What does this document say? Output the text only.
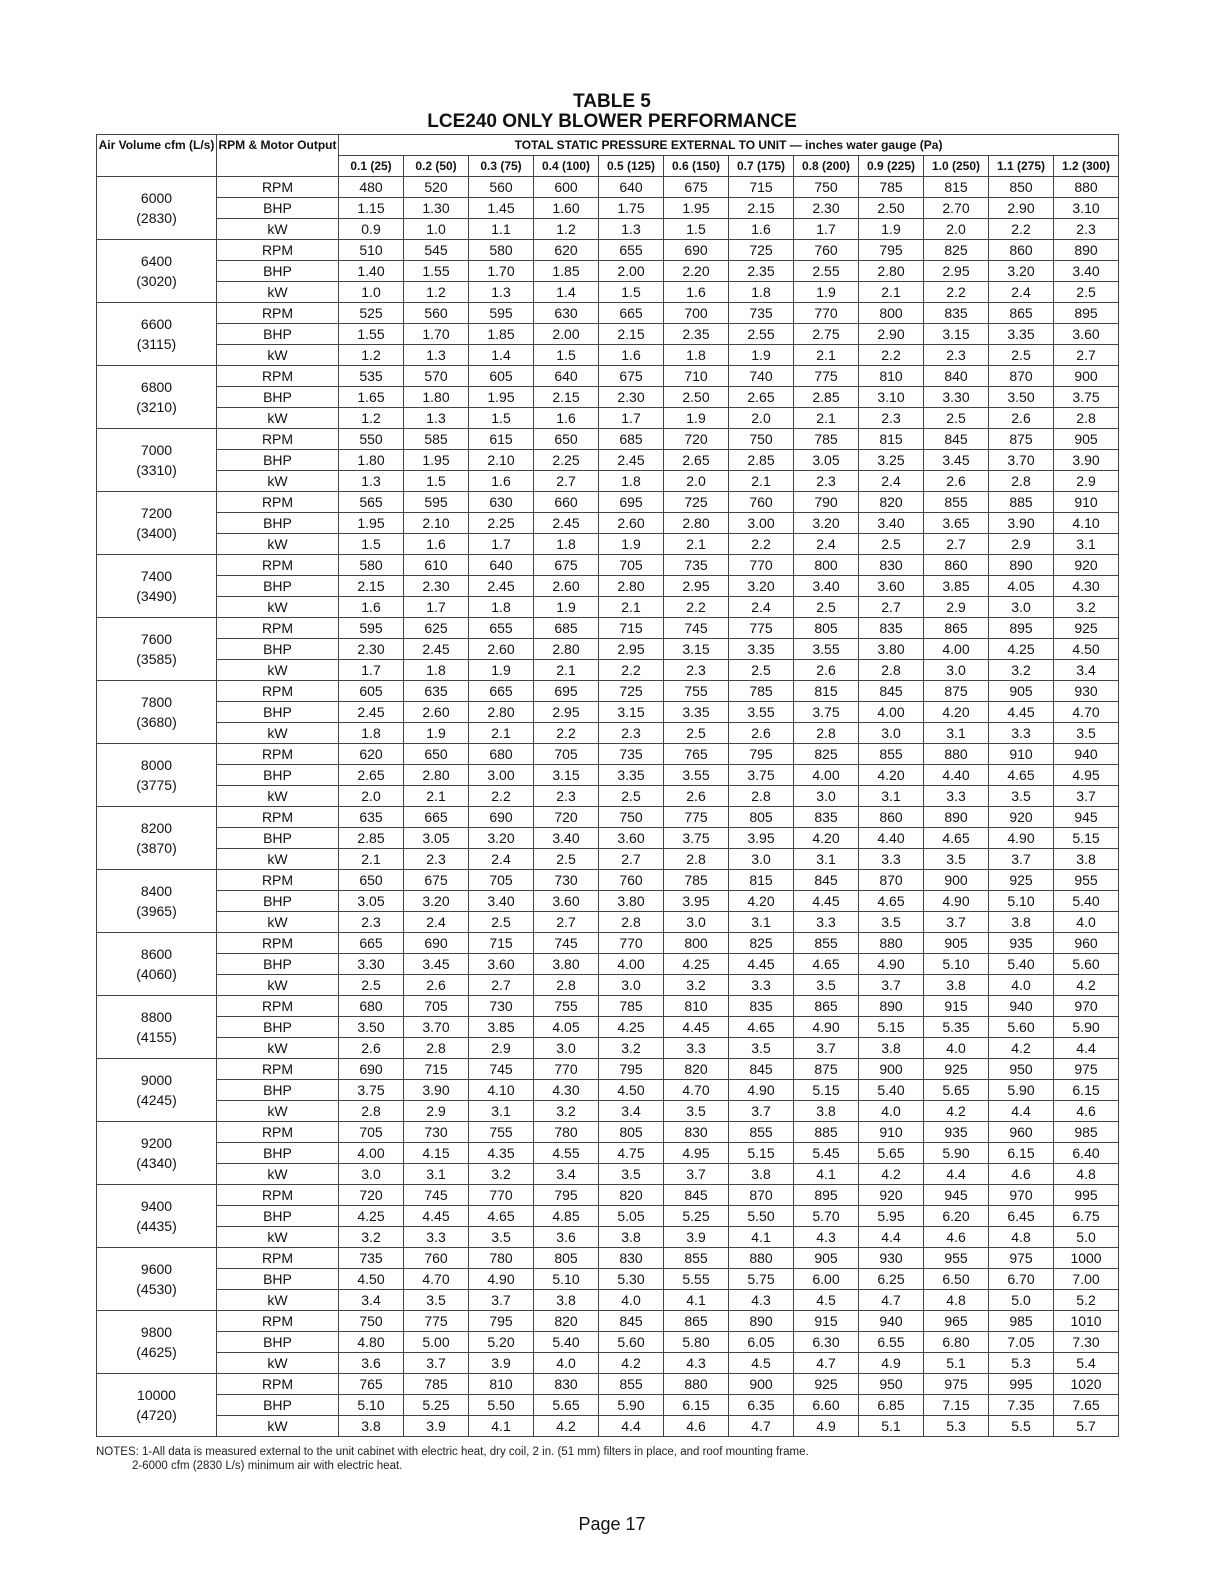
TABLE 5
LCE240 ONLY BLOWER PERFORMANCE
Air Volume cfm (L/s)	RPM & Motor Output	TOTAL STATIC PRESSURE EXTERNAL TO UNIT — inches water gauge (Pa)											
		0.1 (25)	0.2 (50)	0.3 (75)	0.4 (100)	0.5 (125)	0.6 (150)	0.7 (175)	0.8 (200)	0.9 (225)	1.0 (250)	1.1 (275)	1.2 (300)

6000
(2830)	RPM	480	520	560	600	640	675	715	750	785	815	850	880
	BHP	1.15	1.30	1.45	1.60	1.75	1.95	2.15	2.30	2.50	2.70	2.90	3.10
	kW	0.9	1.0	1.1	1.2	1.3	1.5	1.6	1.7	1.9	2.0	2.2	2.3

6400
(3020)	RPM	510	545	580	620	655	690	725	760	795	825	860	890
	BHP	1.40	1.55	1.70	1.85	2.00	2.20	2.35	2.55	2.80	2.95	3.20	3.40
	kW	1.0	1.2	1.3	1.4	1.5	1.6	1.8	1.9	2.1	2.2	2.4	2.5

6600
(3115)	RPM	525	560	595	630	665	700	735	770	800	835	865	895
	BHP	1.55	1.70	1.85	2.00	2.15	2.35	2.55	2.75	2.90	3.15	3.35	3.60
	kW	1.2	1.3	1.4	1.5	1.6	1.8	1.9	2.1	2.2	2.3	2.5	2.7

6800
(3210)	RPM	535	570	605	640	675	710	740	775	810	840	870	900
	BHP	1.65	1.80	1.95	2.15	2.30	2.50	2.65	2.85	3.10	3.30	3.50	3.75
	kW	1.2	1.3	1.5	1.6	1.7	1.9	2.0	2.1	2.3	2.5	2.6	2.8

7000
(3310)	RPM	550	585	615	650	685	720	750	785	815	845	875	905
	BHP	1.80	1.95	2.10	2.25	2.45	2.65	2.85	3.05	3.25	3.45	3.70	3.90
	kW	1.3	1.5	1.6	2.7	1.8	2.0	2.1	2.3	2.4	2.6	2.8	2.9

7200
(3400)	RPM	565	595	630	660	695	725	760	790	820	855	885	910
	BHP	1.95	2.10	2.25	2.45	2.60	2.80	3.00	3.20	3.40	3.65	3.90	4.10
	kW	1.5	1.6	1.7	1.8	1.9	2.1	2.2	2.4	2.5	2.7	2.9	3.1

7400
(3490)	RPM	580	610	640	675	705	735	770	800	830	860	890	920
	BHP	2.15	2.30	2.45	2.60	2.80	2.95	3.20	3.40	3.60	3.85	4.05	4.30
	kW	1.6	1.7	1.8	1.9	2.1	2.2	2.4	2.5	2.7	2.9	3.0	3.2

7600
(3585)	RPM	595	625	655	685	715	745	775	805	835	865	895	925
	BHP	2.30	2.45	2.60	2.80	2.95	3.15	3.35	3.55	3.80	4.00	4.25	4.50
	kW	1.7	1.8	1.9	2.1	2.2	2.3	2.5	2.6	2.8	3.0	3.2	3.4

7800
(3680)	RPM	605	635	665	695	725	755	785	815	845	875	905	930
	BHP	2.45	2.60	2.80	2.95	3.15	3.35	3.55	3.75	4.00	4.20	4.45	4.70
	kW	1.8	1.9	2.1	2.2	2.3	2.5	2.6	2.8	3.0	3.1	3.3	3.5

8000
(3775)	RPM	620	650	680	705	735	765	795	825	855	880	910	940
	BHP	2.65	2.80	3.00	3.15	3.35	3.55	3.75	4.00	4.20	4.40	4.65	4.95
	kW	2.0	2.1	2.2	2.3	2.5	2.6	2.8	3.0	3.1	3.3	3.5	3.7

8200
(3870)	RPM	635	665	690	720	750	775	805	835	860	890	920	945
	BHP	2.85	3.05	3.20	3.40	3.60	3.75	3.95	4.20	4.40	4.65	4.90	5.15
	kW	2.1	2.3	2.4	2.5	2.7	2.8	3.0	3.1	3.3	3.5	3.7	3.8

8400
(3965)	RPM	650	675	705	730	760	785	815	845	870	900	925	955
	BHP	3.05	3.20	3.40	3.60	3.80	3.95	4.20	4.45	4.65	4.90	5.10	5.40
	kW	2.3	2.4	2.5	2.7	2.8	3.0	3.1	3.3	3.5	3.7	3.8	4.0

8600
(4060)	RPM	665	690	715	745	770	800	825	855	880	905	935	960
	BHP	3.30	3.45	3.60	3.80	4.00	4.25	4.45	4.65	4.90	5.10	5.40	5.60
	kW	2.5	2.6	2.7	2.8	3.0	3.2	3.3	3.5	3.7	3.8	4.0	4.2

8800
(4155)	RPM	680	705	730	755	785	810	835	865	890	915	940	970
	BHP	3.50	3.70	3.85	4.05	4.25	4.45	4.65	4.90	5.15	5.35	5.60	5.90
	kW	2.6	2.8	2.9	3.0	3.2	3.3	3.5	3.7	3.8	4.0	4.2	4.4

9000
(4245)	RPM	690	715	745	770	795	820	845	875	900	925	950	975
	BHP	3.75	3.90	4.10	4.30	4.50	4.70	4.90	5.15	5.40	5.65	5.90	6.15
	kW	2.8	2.9	3.1	3.2	3.4	3.5	3.7	3.8	4.0	4.2	4.4	4.6

9200
(4340)	RPM	705	730	755	780	805	830	855	885	910	935	960	985
	BHP	4.00	4.15	4.35	4.55	4.75	4.95	5.15	5.45	5.65	5.90	6.15	6.40
	kW	3.0	3.1	3.2	3.4	3.5	3.7	3.8	4.1	4.2	4.4	4.6	4.8

9400
(4435)	RPM	720	745	770	795	820	845	870	895	920	945	970	995
	BHP	4.25	4.45	4.65	4.85	5.05	5.25	5.50	5.70	5.95	6.20	6.45	6.75
	kW	3.2	3.3	3.5	3.6	3.8	3.9	4.1	4.3	4.4	4.6	4.8	5.0

9600
(4530)	RPM	735	760	780	805	830	855	880	905	930	955	975	1000
	BHP	4.50	4.70	4.90	5.10	5.30	5.55	5.75	6.00	6.25	6.50	6.70	7.00
	kW	3.4	3.5	3.7	3.8	4.0	4.1	4.3	4.5	4.7	4.8	5.0	5.2

9800
(4625)	RPM	750	775	795	820	845	865	890	915	940	965	985	1010
	BHP	4.80	5.00	5.20	5.40	5.60	5.80	6.05	6.30	6.55	6.80	7.05	7.30
	kW	3.6	3.7	3.9	4.0	4.2	4.3	4.5	4.7	4.9	5.1	5.3	5.4

10000
(4720)	RPM	765	785	810	830	855	880	900	925	950	975	995	1020
	BHP	5.10	5.25	5.50	5.65	5.90	6.15	6.35	6.60	6.85	7.15	7.35	7.65
	kW	3.8	3.9	4.1	4.2	4.4	4.6	4.7	4.9	5.1	5.3	5.5	5.7
NOTES: 1-All data is measured external to the unit cabinet with electric heat, dry coil, 2 in. (51 mm) filters in place, and roof mounting frame.
2-6000 cfm (2830 L/s) minimum air with electric heat.
Page 17
